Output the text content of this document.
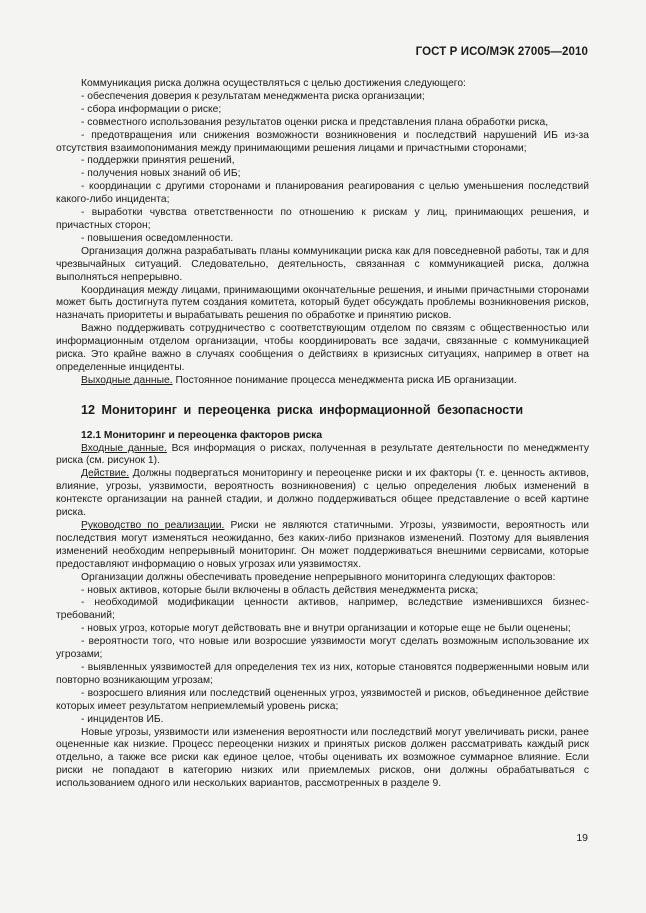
ГОСТ Р ИСО/МЭК 27005—2010

Коммуникация риска должна осуществляться с целью достижения следующего:

- обеспечения доверия к результатам менеджмента риска организации;

- сбора информации о риске;

- совместного использования результатов оценки риска и представления плана обработки риска,

- предотвращения или снижения возможности возникновения и последствий нарушений ИБ из-за отсутствия взаимопонимания между принимающими решения лицами и причастными сторонами;

- поддержки принятия решений,

- получения новых знаний об ИБ;

- координации с другими сторонами и планирования реагирования с целью уменьшения последствий какого-либо инцидента;

- выработки чувства ответственности по отношению к рискам у лиц, принимающих решения, и причастных сторон;

- повышения осведомленности.

Организация должна разрабатывать планы коммуникации риска как для повседневной работы, так и для чрезвычайных ситуаций. Следовательно, деятельность, связанная с коммуникацией риска, должна выполняться непрерывно.

Координация между лицами, принимающими окончательные решения, и иными причастными сторонами может быть достигнута путем создания комитета, который будет обсуждать проблемы возникновения рисков, назначать приоритеты и вырабатывать решения по обработке и принятию рисков.

Важно поддерживать сотрудничество с соответствующим отделом по связям с общественностью или информационным отделом организации, чтобы координировать все задачи, связанные с коммуникацией риска. Это крайне важно в случаях сообщения о действиях в кризисных ситуациях, например в ответ на определенные инциденты.

Выходные данные. Постоянное понимание процесса менеджмента риска ИБ организации.

12 Мониторинг и переоценка риска информационной безопасности

12.1 Мониторинг и переоценка факторов риска

Входные данные. Вся информация о рисках, полученная в результате деятельности по менеджменту риска (см. рисунок 1).

Действие. Должны подвергаться мониторингу и переоценке риски и их факторы (т. е. ценность активов, влияние, угрозы, уязвимости, вероятность возникновения) с целью определения любых изменений в контексте организации на ранней стадии, и должно поддерживаться общее представление о всей картине риска.

Руководство по реализации. Риски не являются статичными. Угрозы, уязвимости, вероятность или последствия могут изменяться неожиданно, без каких-либо признаков изменений. Поэтому для выявления изменений необходим непрерывный мониторинг. Он может поддерживаться внешними сервисами, которые предоставляют информацию о новых угрозах или уязвимостях.

Организации должны обеспечивать проведение непрерывного мониторинга следующих факторов:

- новых активов, которые были включены в область действия менеджмента риска;

- необходимой модификации ценности активов, например, вследствие изменившихся бизнес-требований;

- новых угроз, которые могут действовать вне и внутри организации и которые еще не были оценены;

- вероятности того, что новые или возросшие уязвимости могут сделать возможным использование их угрозами;

- выявленных уязвимостей для определения тех из них, которые становятся подверженными новым или повторно возникающим угрозам;

- возросшего влияния или последствий оцененных угроз, уязвимостей и рисков, объединенное действие которых имеет результатом неприемлемый уровень риска;

- инцидентов ИБ.

Новые угрозы, уязвимости или изменения вероятности или последствий могут увеличивать риски, ранее оцененные как низкие. Процесс переоценки низких и принятых рисков должен рассматривать каждый риск отдельно, а также все риски как единое целое, чтобы оценивать их возможное суммарное влияние. Если риски не попадают в категорию низких или приемлемых рисков, они должны обрабатываться с использованием одного или нескольких вариантов, рассмотренных в разделе 9.

19
